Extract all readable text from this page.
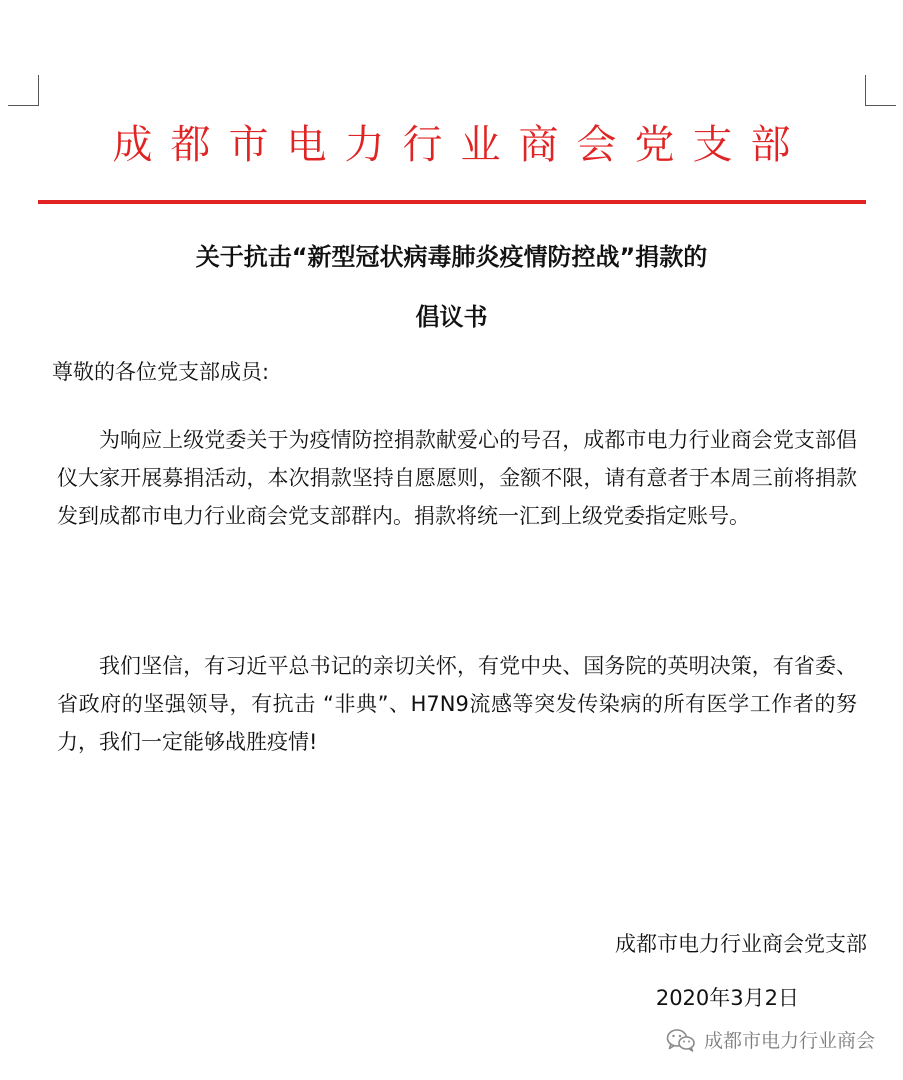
成都市电力行业商会党支部
关于抗击“新型冠状病毒肺炎疫情防控战”捐款的
倡议书
尊敬的各位党支部成员:
为响应上级党委关于为疫情防控捐款献爱心的号召，成都市电力行业商会党支部倡仪大家开展募捐活动，本次捐款坚持自愿愿则，金额不限，请有意者于本周三前将捐款发到成都市电力行业商会党支部群内。捐款将统一汇到上级党委指定账号。
我们坚信，有习近平总书记的亲切关怀，有党中央、国务院的英明决策，有省委、省政府的坚强领导，有抗击 “非典”、H7N9流感等突发传染病的所有医学工作者的努力，我们一定能够战胜疫情!
成都市电力行业商会党支部
2020年3月2日
成都市电力行业商会
